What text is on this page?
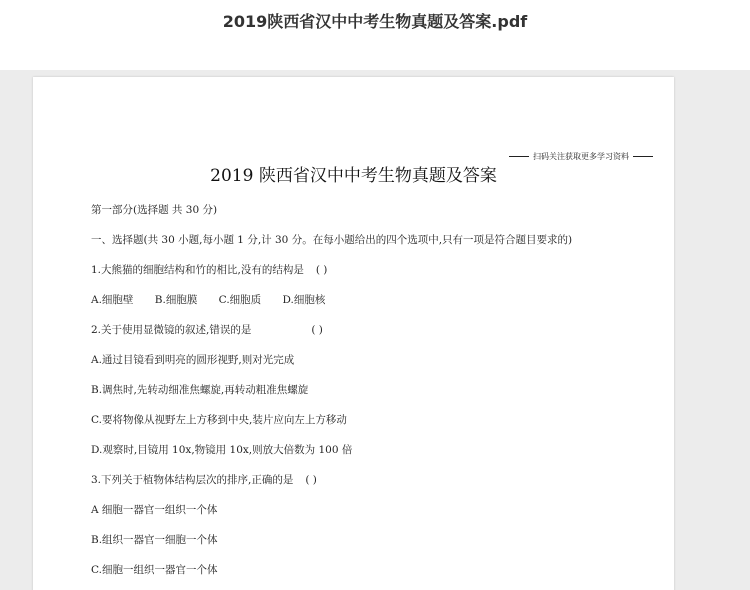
2019陕西省汉中中考生物真题及答案.pdf
扫码关注获取更多学习资料
2019 陕西省汉中中考生物真题及答案
第一部分(选择题 共 30 分)
一、选择题(共 30 小题,每小题 1 分,计 30 分。在每小题给出的四个选项中,只有一项是符合题目要求的)
1.大熊猫的细胞结构和竹的相比,没有的结构是 ( )
A.细胞壁 B.细胞膜 C.细胞质 D.细胞核
2.关于使用显微镜的叙述,错误的是	( )
A.通过目镜看到明亮的圆形视野,则对光完成
B.调焦时,先转动细准焦螺旋,再转动粗准焦螺旋
C.要将物像从视野左上方移到中央,装片应向左上方移动
D.观察时,目镜用 10x,物镜用 10x,则放大倍数为 100 倍
3.下列关于植物体结构层次的排序,正确的是 ( )
A 细胞一器官一组织一个体
B.组织一器官一细胞一个体
C.细胞一组织一器官一个体
